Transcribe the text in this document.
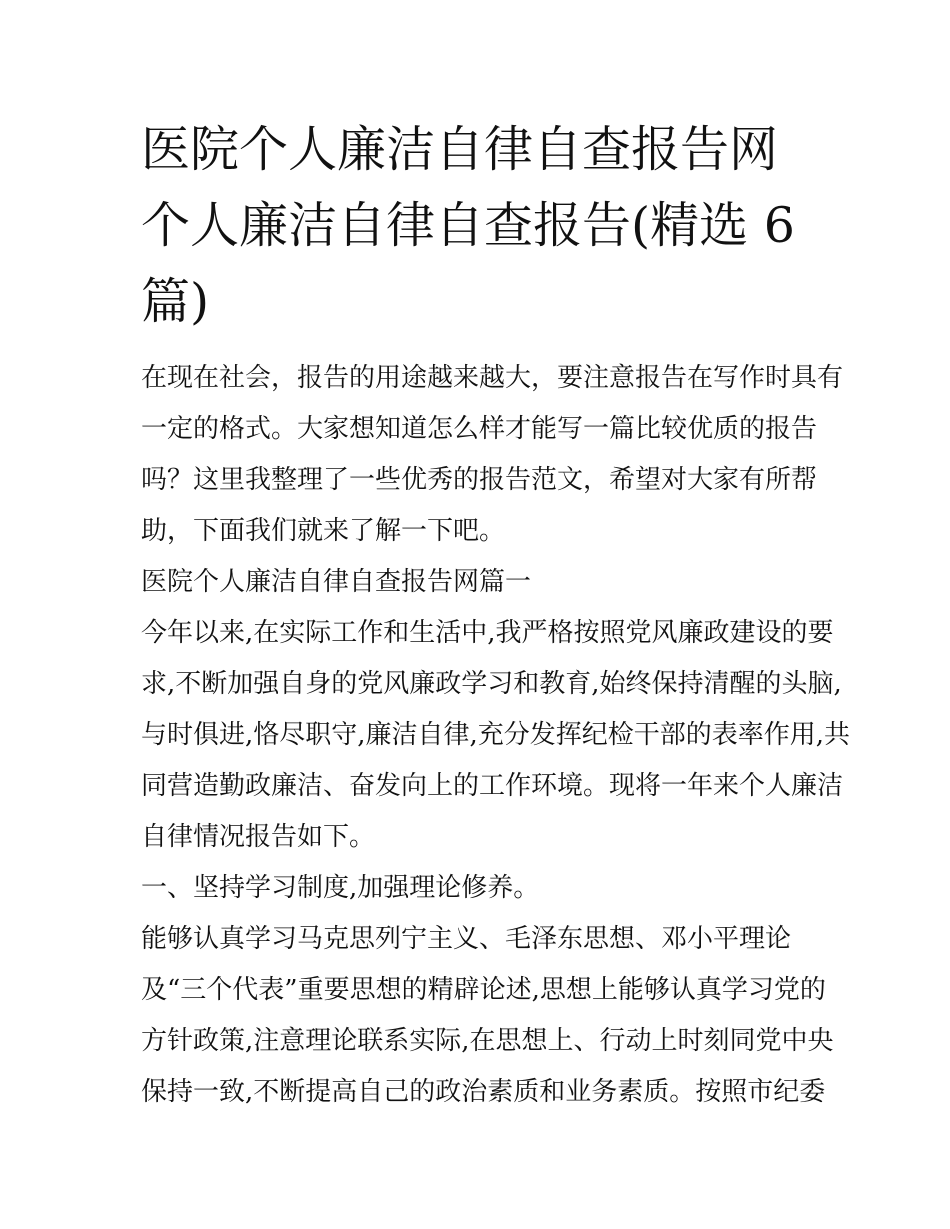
医院个人廉洁自律自查报告网
个人廉洁自律自查报告(精选 6
篇)
在现在社会，报告的用途越来越大，要注意报告在写作时具有
一定的格式。大家想知道怎么样才能写一篇比较优质的报告
吗？这里我整理了一些优秀的报告范文，希望对大家有所帮
助，下面我们就来了解一下吧。
医院个人廉洁自律自查报告网篇一
今年以来,在实际工作和生活中,我严格按照党风廉政建设的要
求,不断加强自身的党风廉政学习和教育,始终保持清醒的头脑,
与时俱进,恪尽职守,廉洁自律,充分发挥纪检干部的表率作用,共
同营造勤政廉洁、奋发向上的工作环境。现将一年来个人廉洁
自律情况报告如下。
一、坚持学习制度,加强理论修养。
能够认真学习马克思列宁主义、毛泽东思想、邓小平理论
及“三个代表”重要思想的精辟论述,思想上能够认真学习党的
方针政策,注意理论联系实际,在思想上、行动上时刻同党中央
保持一致,不断提高自己的政治素质和业务素质。按照市纪委
